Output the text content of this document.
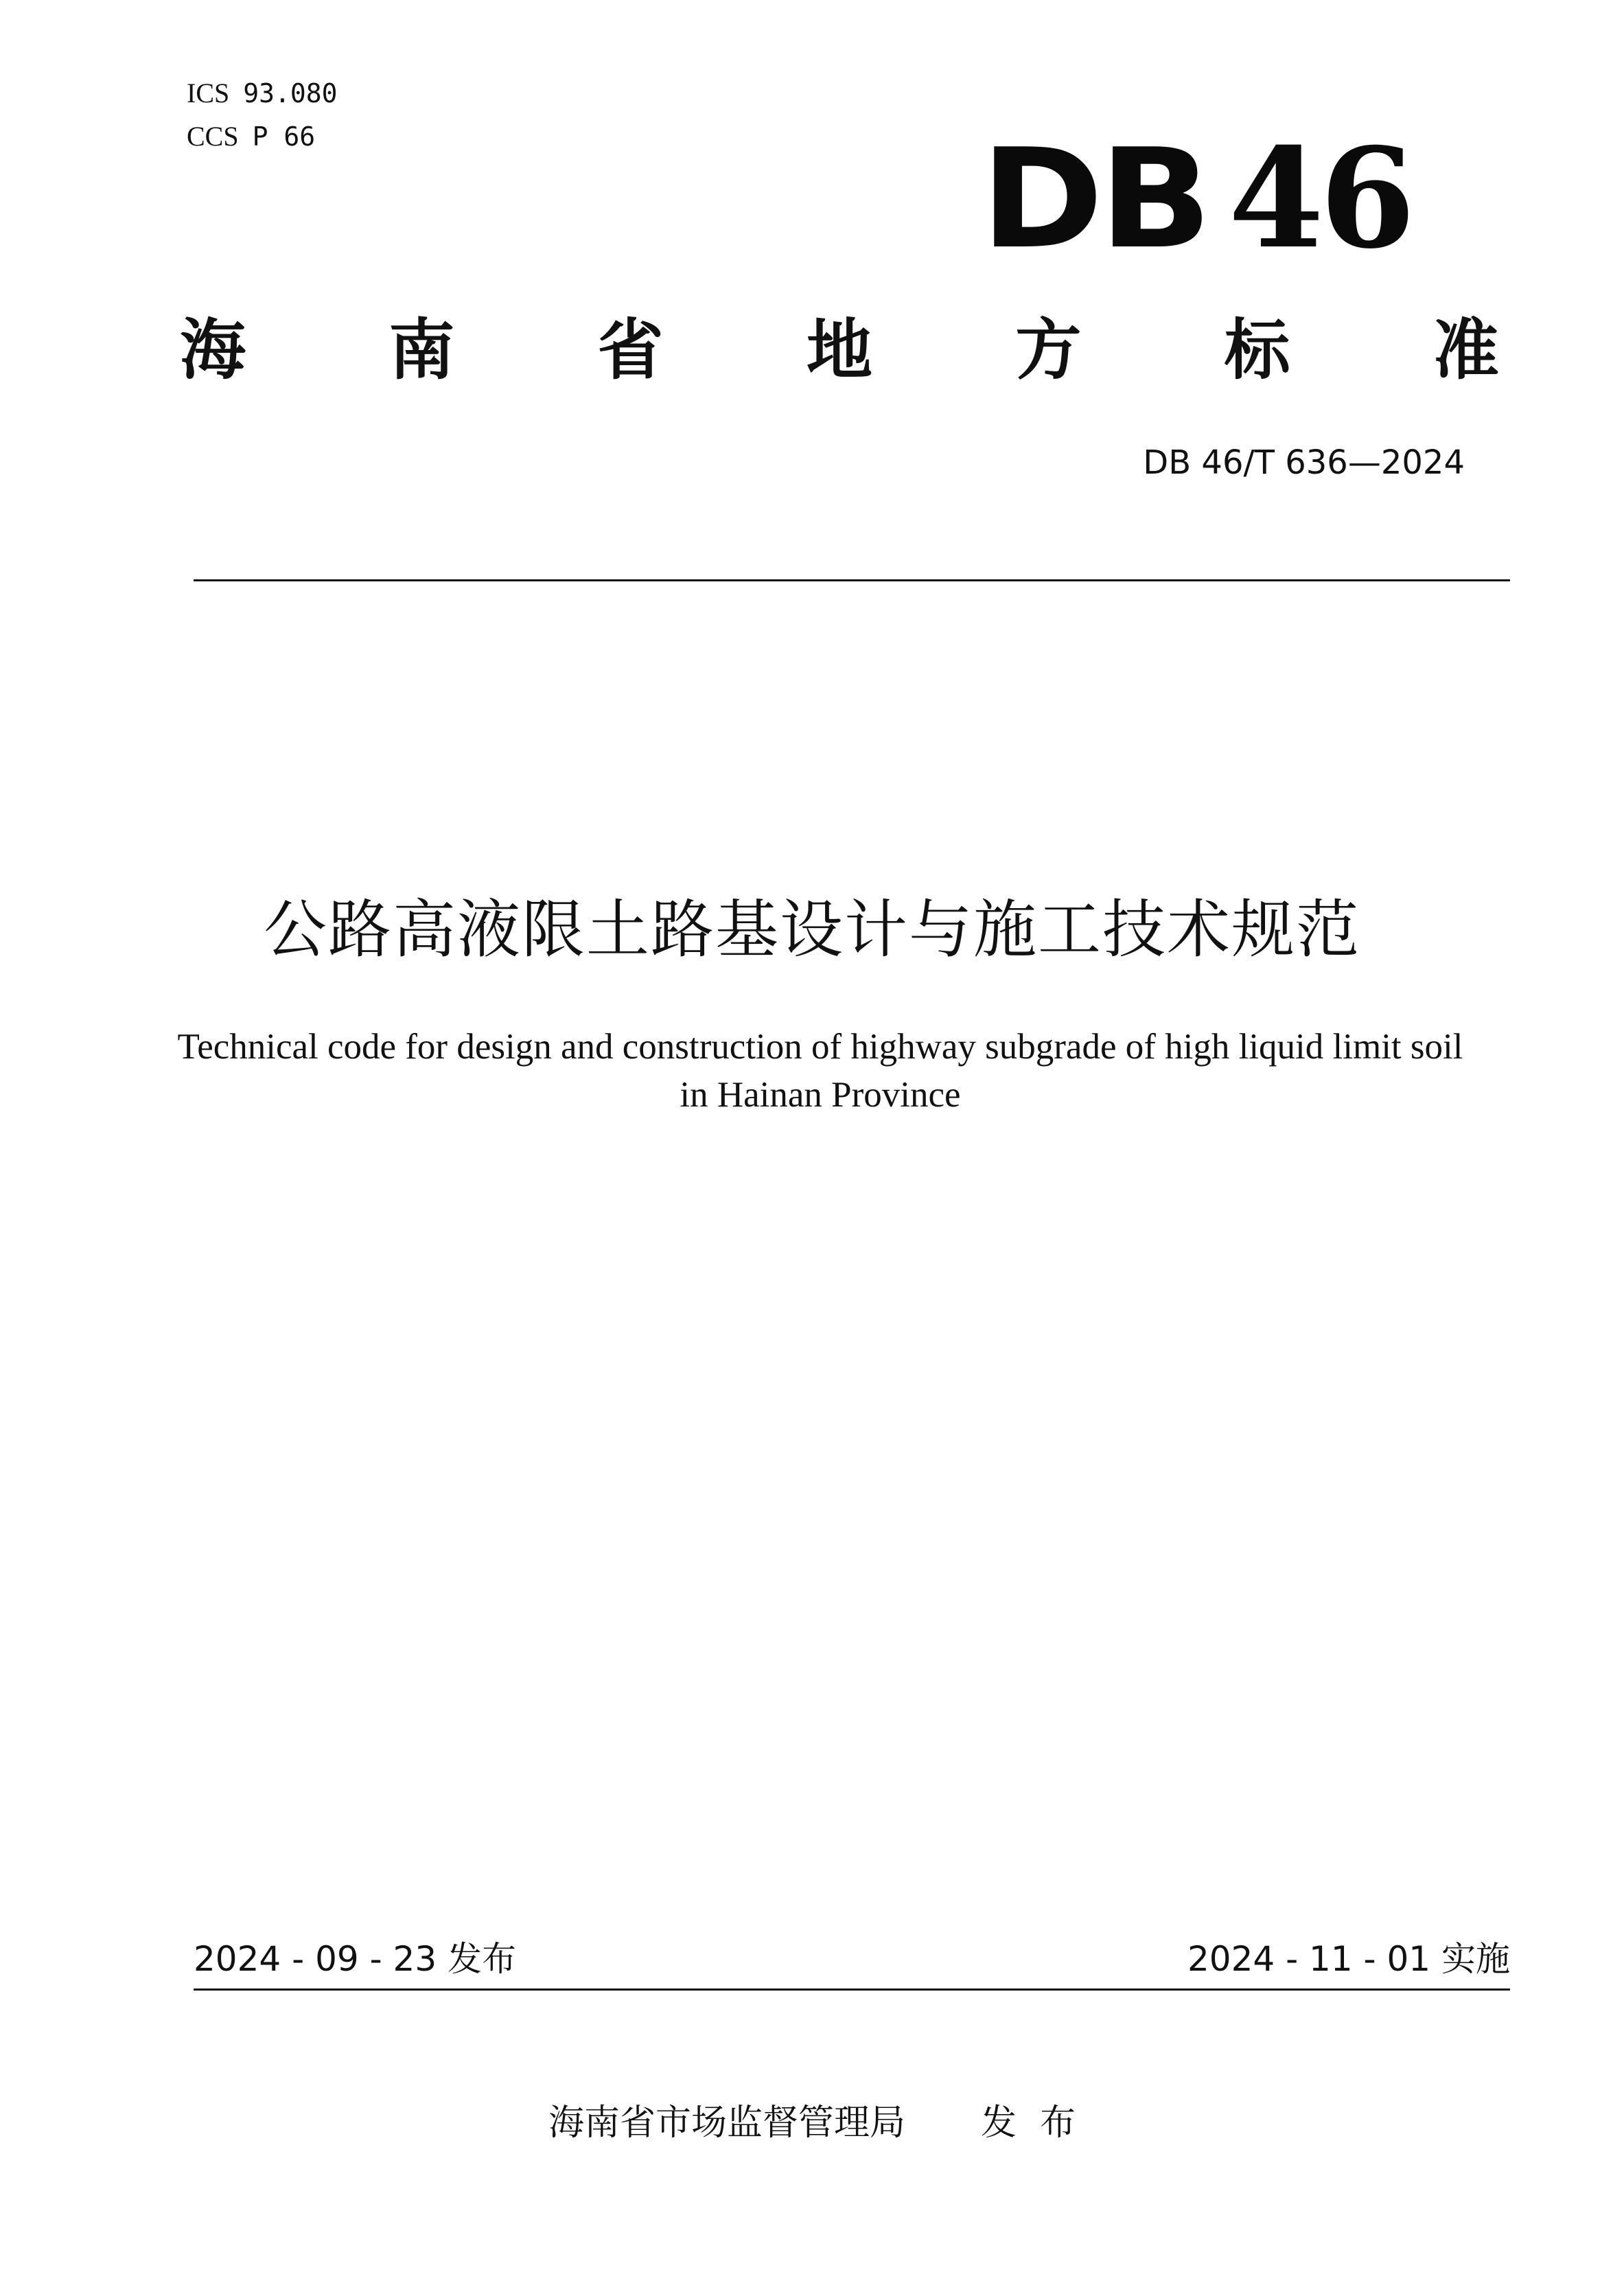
ICS 93.080
CCS P 66	DB 46
海 南 省 地 方 标 准
DB 46/T 636—2024
公路高液限土路基设计与施工技术规范
Technical code for design and construction of highway subgrade of high liquid limit soil in Hainan Province
2024 - 09 - 23 发布	2024 - 11 - 01 实施
海南省市场监督管理局 发 布
